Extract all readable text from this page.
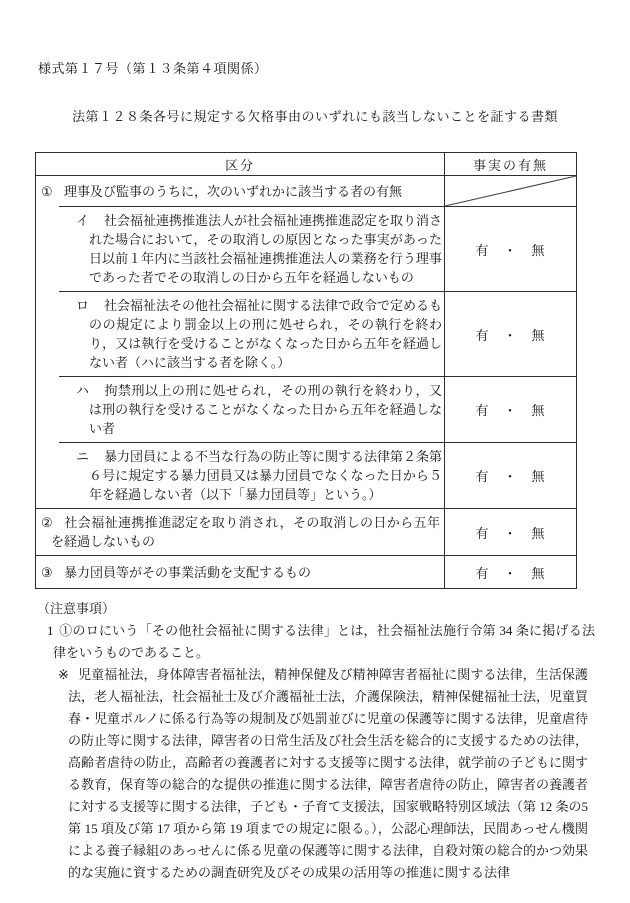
様式第１７号（第１３条第４項関係）
法第１２８条各号に規定する欠格事由のいずれにも該当しないことを証する書類
区分	事実の有無

① 理事及び監事のうちに，次のいずれかに該当する者の有無

イ 社会福祉連携推進法人が社会福祉連携推進認定を取り消された場合において，その取消しの原因となった事実があった日以前１年内に当該社会福祉連携推進法人の業務を行う理事であった者でその取消しの日から五年を経過しないもの

有　・　無

ロ 社会福祉法その他社会福祉に関する法律で政令で定めるものの規定により罰金以上の刑に処せられ，その執行を終わり，又は執行を受けることがなくなった日から五年を経過しない者（ハに該当する者を除く。）

有　・　無

ハ 拘禁刑以上の刑に処せられ，その刑の執行を終わり，又は刑の執行を受けることがなくなった日から五年を経過しない者

有　・　無

ニ 暴力団員による不当な行為の防止等に関する法律第２条第６号に規定する暴力団員又は暴力団員でなくなった日から５年を経過しない者（以下「暴力団員等」という。）

有　・　無

② 社会福祉連携推進認定を取り消され，その取消しの日から五年を経過しないもの

有　・　無

③ 暴力団員等がその事業活動を支配するもの	有　・　無

（注意事項）

1 ①のロにいう「その他社会福祉に関する法律」とは，社会福祉法施行令第 34 条に掲げる法律をいうものであること。

※ 児童福祉法，身体障害者福祉法，精神保健及び精神障害者福祉に関する法律，生活保護法，老人福祉法，社会福祉士及び介護福祉士法，介護保険法，精神保健福祉士法，児童買春・児童ポルノに係る行為等の規制及び処罰並びに児童の保護等に関する法律，児童虐待の防止等に関する法律，障害者の日常生活及び社会生活を総合的に支援するための法律，高齢者虐待の防止，高齢者の養護者に対する支援等に関する法律，就学前の子どもに関する教育，保育等の総合的な提供の推進に関する法律，障害者虐待の防止，障害者の養護者に対する支援等に関する法律，子ども・子育て支援法，国家戦略特別区域法（第 12 条の5第 15 項及び第 17 項から第 19 項までの規定に限る。），公認心理師法，民間あっせん機関による養子縁組のあっせんに係る児童の保護等に関する法律，自殺対策の総合的かつ効果的な実施に資するための調査研究及びその成果の活用等の推進に関する法律
